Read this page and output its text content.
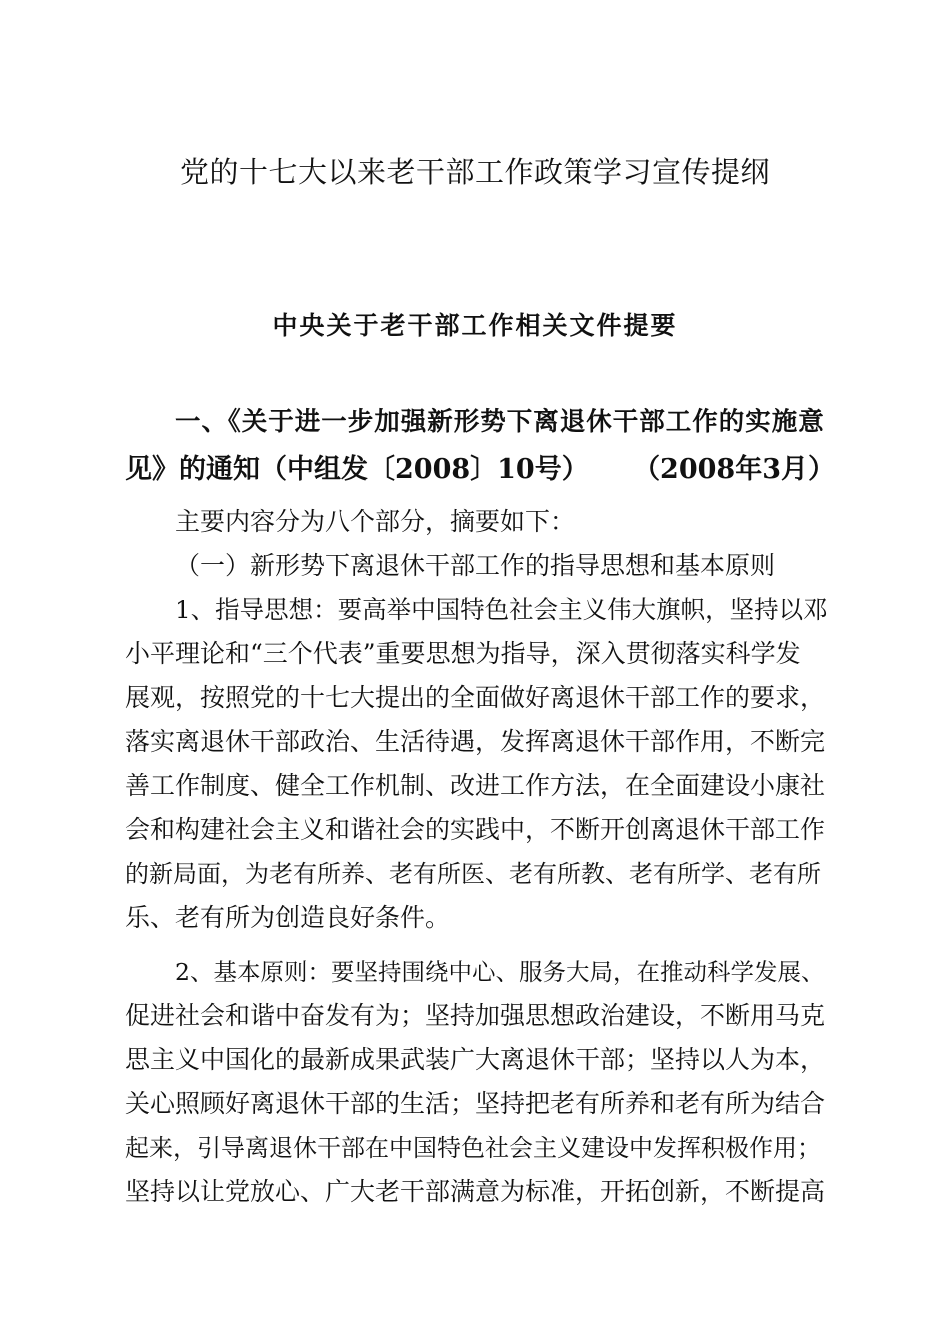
党的十七大以来老干部工作政策学习宣传提纲
中央关于老干部工作相关文件提要
一、《关于进一步加强新形势下离退休干部工作的实施意
见》的通知（中组发〔2008〕10号） （2008年3月）
主要内容分为八个部分，摘要如下：
（一）新形势下离退休干部工作的指导思想和基本原则
1、指导思想：要高举中国特色社会主义伟大旗帜，坚持以邓
小平理论和“三个代表”重要思想为指导，深入贯彻落实科学发
展观，按照党的十七大提出的全面做好离退休干部工作的要求，
落实离退休干部政治、生活待遇，发挥离退休干部作用，不断完
善工作制度、健全工作机制、改进工作方法，在全面建设小康社
会和构建社会主义和谐社会的实践中，不断开创离退休干部工作
的新局面，为老有所养、老有所医、老有所教、老有所学、老有所
乐、老有所为创造良好条件。
2、基本原则：要坚持围绕中心、服务大局，在推动科学发展、
促进社会和谐中奋发有为；坚持加强思想政治建设，不断用马克
思主义中国化的最新成果武装广大离退休干部；坚持以人为本，
关心照顾好离退休干部的生活；坚持把老有所养和老有所为结合
起来，引导离退休干部在中国特色社会主义建设中发挥积极作用；
坚持以让党放心、广大老干部满意为标准，开拓创新，不断提高
